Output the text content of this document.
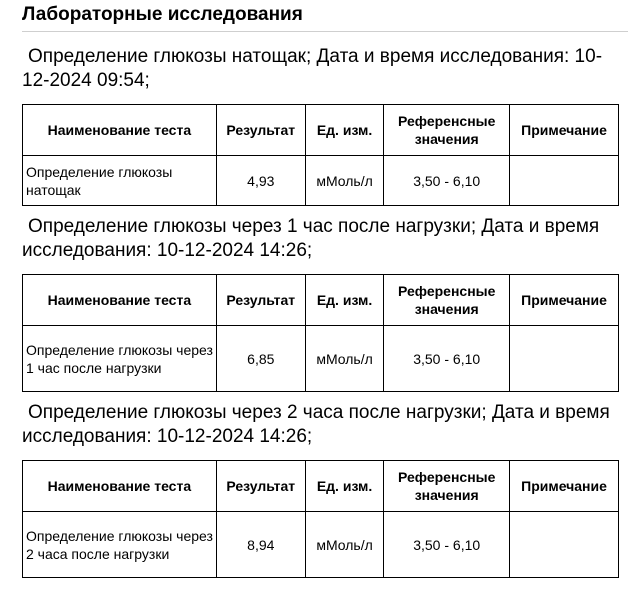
Лабораторные исследования

Определение глюкозы натощак; Дата и время исследования: 10-12-2024 09:54;

Наименование теста	Результат	Ед. изм.	Референсные значения	Примечание
Определение глюкозы натощак	4,93	мМоль/л	3,50 - 6,10	

Определение глюкозы через 1 час после нагрузки; Дата и время исследования: 10-12-2024 14:26;

Наименование теста	Результат	Ед. изм.	Референсные значения	Примечание
Определение глюкозы через 1 час после нагрузки	6,85	мМоль/л	3,50 - 6,10	

Определение глюкозы через 2 часа после нагрузки; Дата и время исследования: 10-12-2024 14:26;

Наименование теста	Результат	Ед. изм.	Референсные значения	Примечание
Определение глюкозы через 2 часа после нагрузки	8,94	мМоль/л	3,50 - 6,10	
